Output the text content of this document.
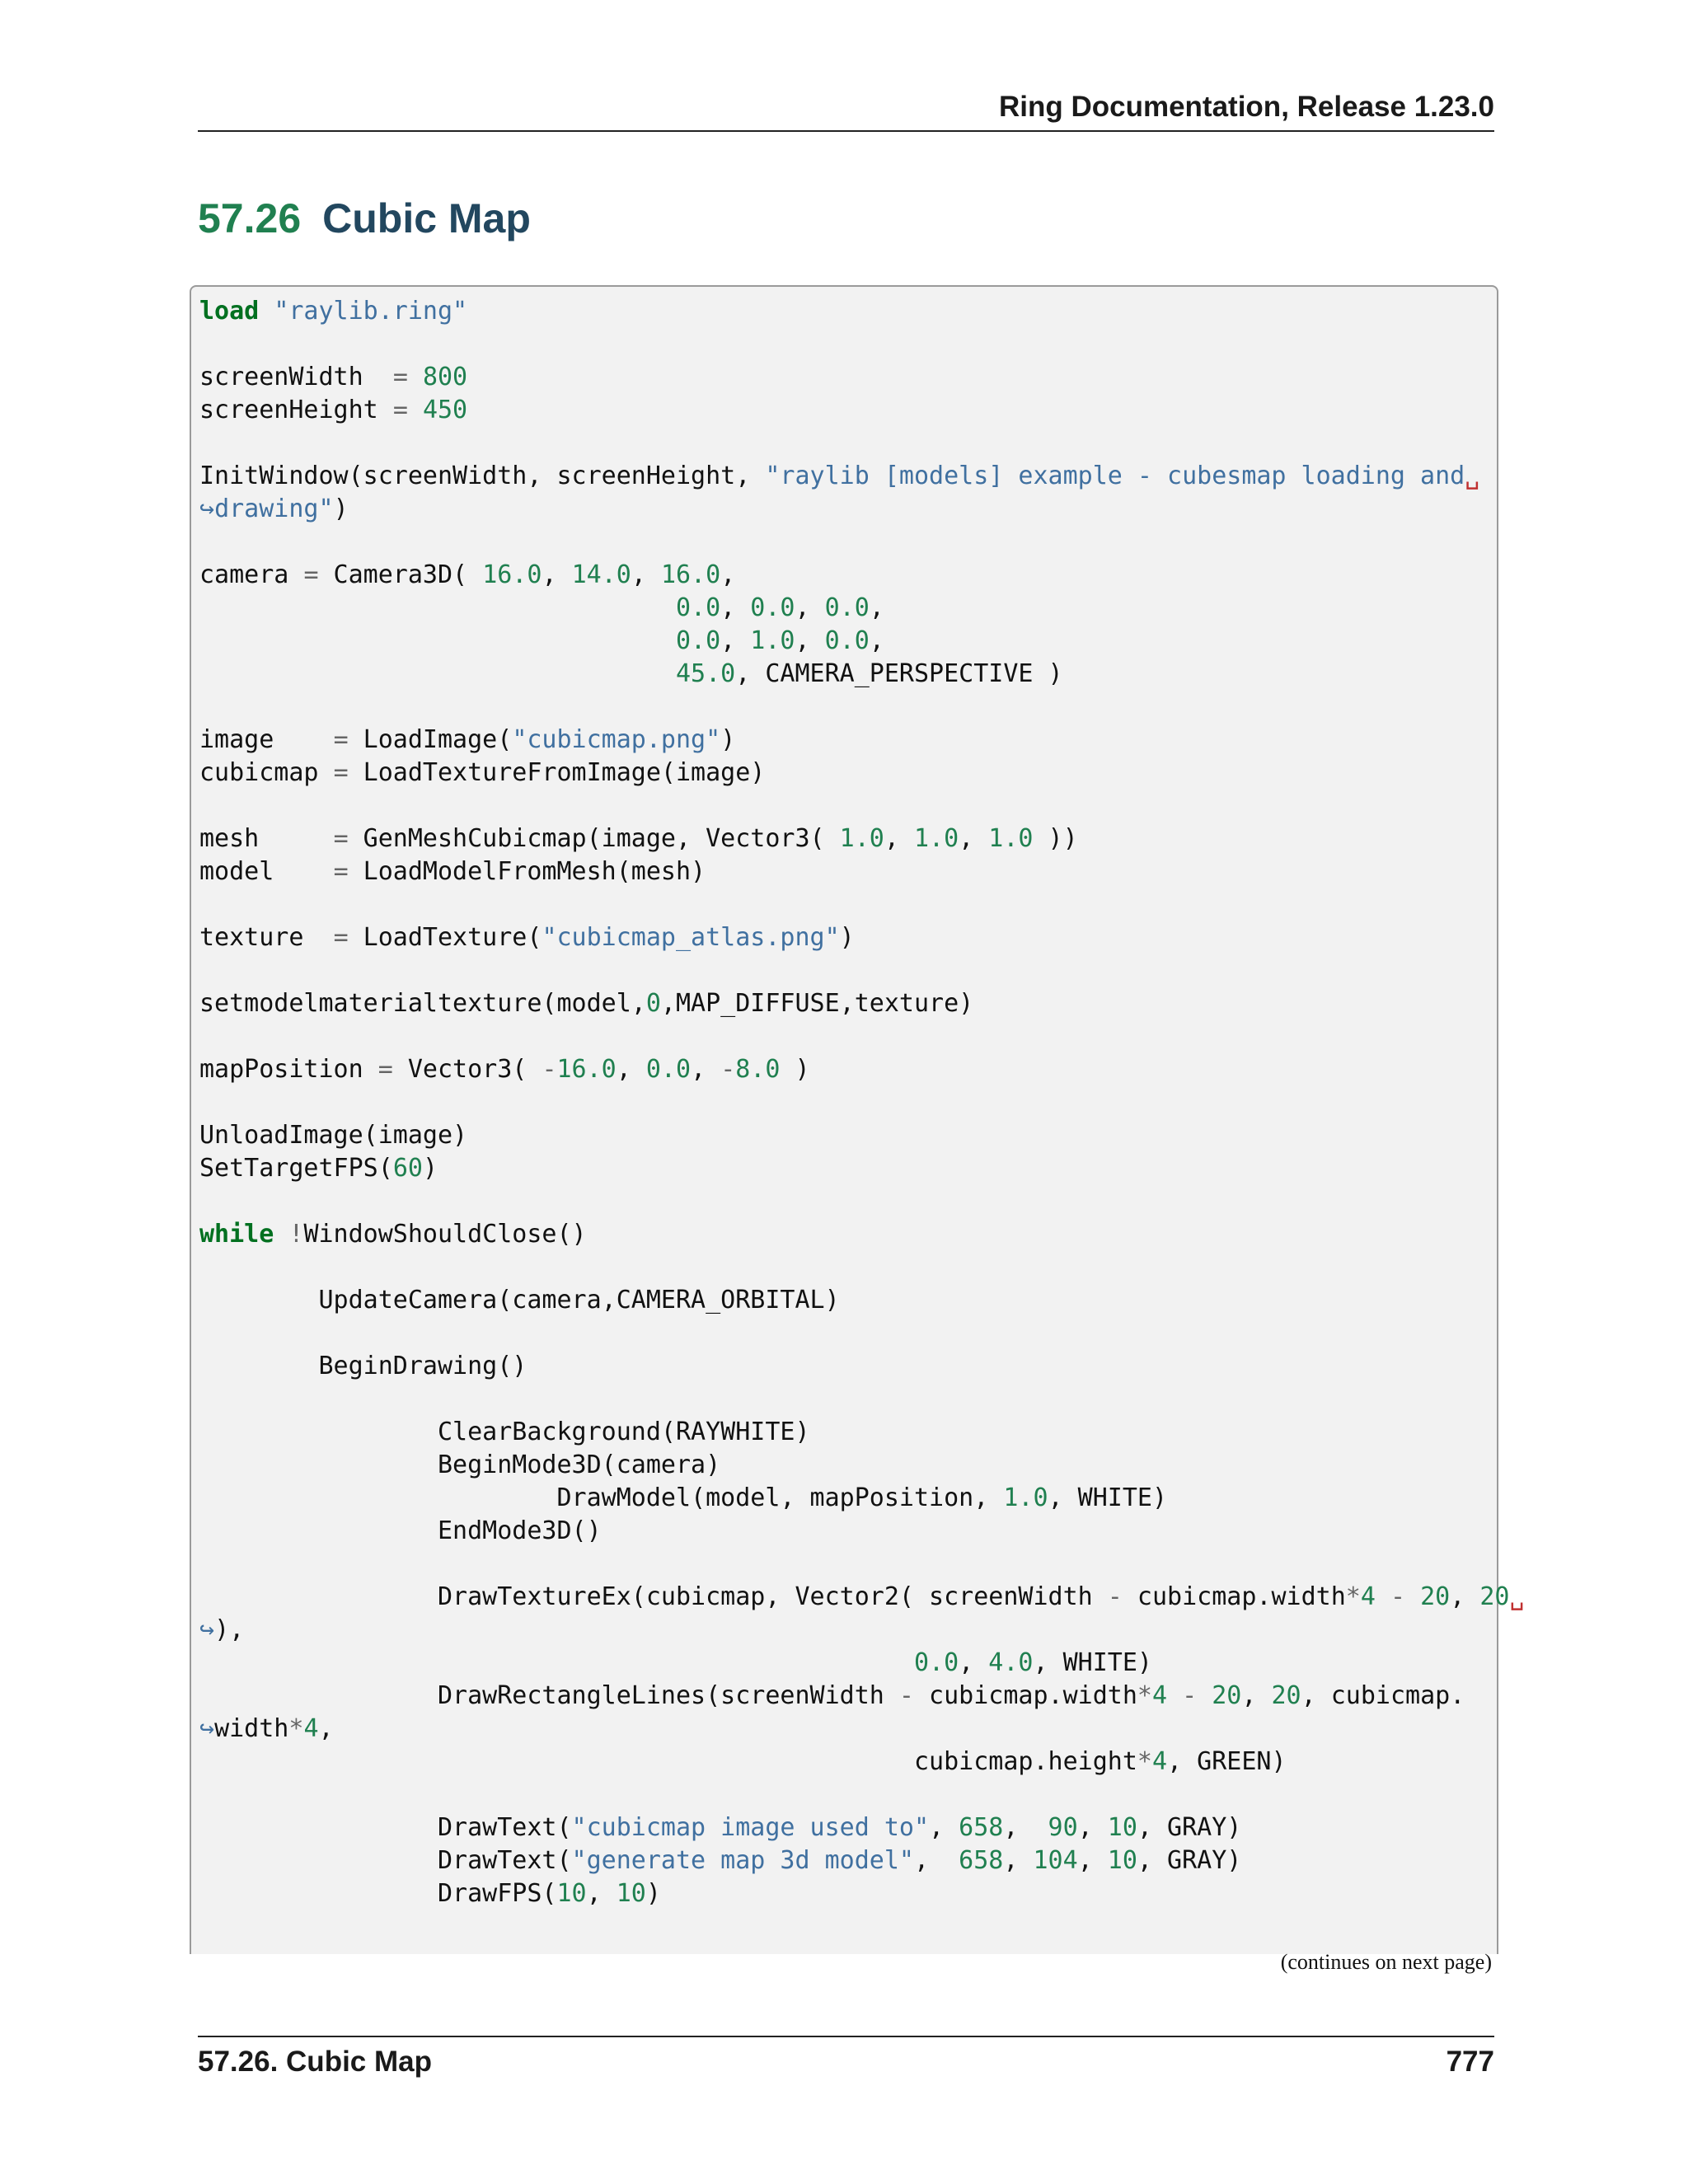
Ring Documentation, Release 1.23.0
57.26 Cubic Map
load "raylib.ring"

screenWidth  = 800
screenHeight = 450

InitWindow(screenWidth, screenHeight, "raylib [models] example - cubesmap loading and␣
↪drawing")

camera = Camera3D( 16.0, 14.0, 16.0,
0.0, 0.0, 0.0,
0.0, 1.0, 0.0,
45.0, CAMERA_PERSPECTIVE )

image    = LoadImage("cubicmap.png")
cubicmap = LoadTextureFromImage(image)

mesh     = GenMeshCubicmap(image, Vector3( 1.0, 1.0, 1.0 ))
model    = LoadModelFromMesh(mesh)

texture  = LoadTexture("cubicmap_atlas.png")

setmodelmaterialtexture(model,0,MAP_DIFFUSE,texture)

mapPosition = Vector3( -16.0, 0.0, -8.0 )

UnloadImage(image)
SetTargetFPS(60)

while !WindowShouldClose()

UpdateCamera(camera,CAMERA_ORBITAL)

BeginDrawing()

ClearBackground(RAYWHITE)
BeginMode3D(camera)
DrawModel(model, mapPosition, 1.0, WHITE)
EndMode3D()

DrawTextureEx(cubicmap, Vector2( screenWidth - cubicmap.width*4 - 20, 20␣
↪),
0.0, 4.0, WHITE)
DrawRectangleLines(screenWidth - cubicmap.width*4 - 20, 20, cubicmap.
↪width*4,
cubicmap.height*4, GREEN)

DrawText("cubicmap image used to", 658,  90, 10, GRAY)
DrawText("generate map 3d model",  658, 104, 10, GRAY)
DrawFPS(10, 10)

(continues on next page)
57.26. Cubic Map	777
